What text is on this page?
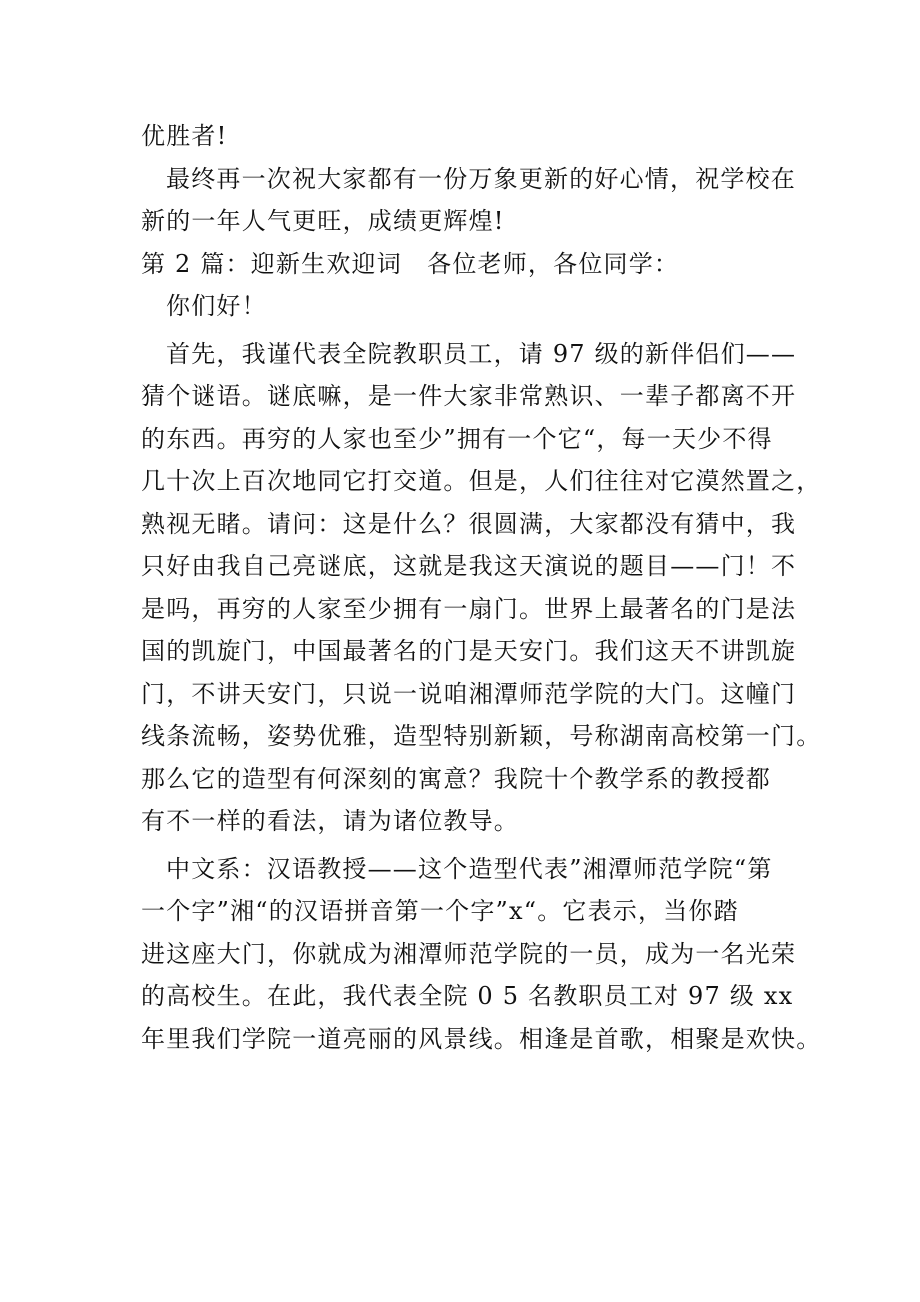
优胜者!
最终再一次祝大家都有一份万象更新的好心情，祝学校在
新的一年人气更旺，成绩更辉煌!
第 2 篇：迎新生欢迎词　各位老师，各位同学：
你们好！
首先，我谨代表全院教职员工，请 97 级的新伴侣们——
猜个谜语。谜底嘛，是一件大家非常熟识、一辈子都离不开
的东西。再穷的人家也至少”拥有一个它“，每一天少不得
几十次上百次地同它打交道。但是，人们往往对它漠然置之，
熟视无睹。请问：这是什么？很圆满，大家都没有猜中，我
只好由我自己亮谜底，这就是我这天演说的题目——门！不
是吗，再穷的人家至少拥有一扇门。世界上最著名的门是法
国的凯旋门，中国最著名的门是天安门。我们这天不讲凯旋
门，不讲天安门，只说一说咱湘潭师范学院的大门。这幢门
线条流畅，姿势优雅，造型特别新颖，号称湖南高校第一门。
那么它的造型有何深刻的寓意？我院十个教学系的教授都
有不一样的看法，请为诸位教导。
中文系：汉语教授——这个造型代表”湘潭师范学院“第
一个字”湘“的汉语拼音第一个字”x“。它表示，当你踏
进这座大门，你就成为湘潭师范学院的一员，成为一名光荣
的高校生。在此，我代表全院 0 5 名教职员工对 97 级 xx
年里我们学院一道亮丽的风景线。相逢是首歌，相聚是欢快。
